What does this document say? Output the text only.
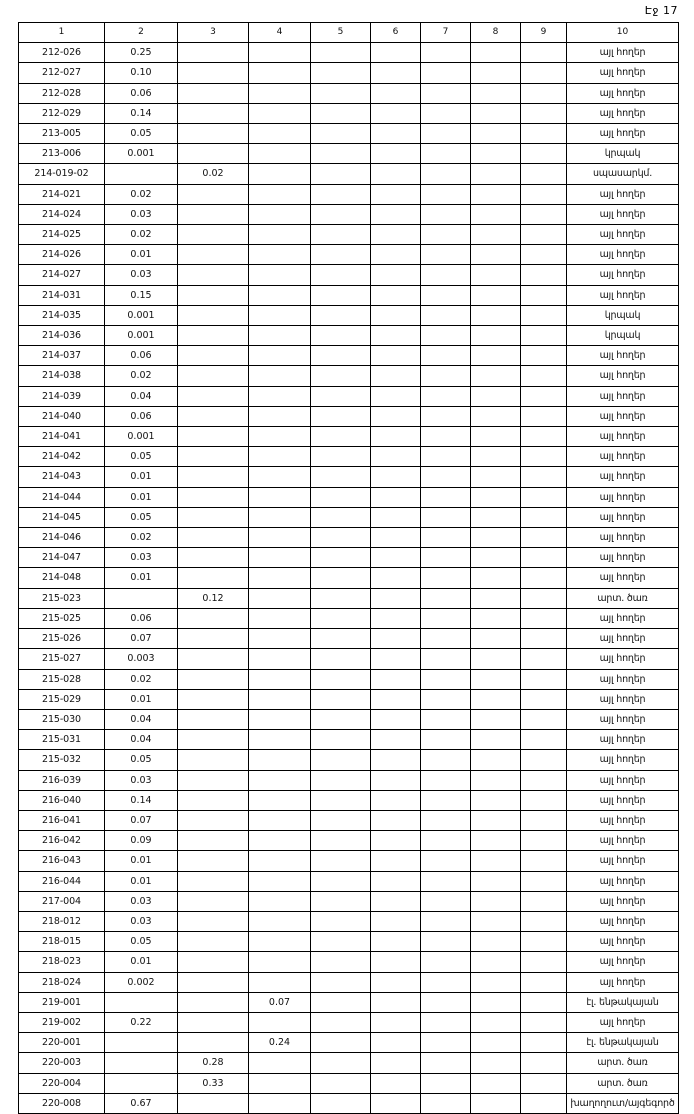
Էջ 17
1	2	3	4	5	6	7	8	9	10
212-026	0.25								այլ հողեր
212-027	0.10								այլ հողեր
212-028	0.06								այլ հողեր
212-029	0.14								այլ հողեր
213-005	0.05								այլ հողեր
213-006	0.001								կրպակ
214-019-02		0.02							սպասարկմ.
214-021	0.02								այլ հողեր
214-024	0.03								այլ հողեր
214-025	0.02								այլ հողեր
214-026	0.01								այլ հողեր
214-027	0.03								այլ հողեր
214-031	0.15								այլ հողեր
214-035	0.001								կրպակ
214-036	0.001								կրպակ
214-037	0.06								այլ հողեր
214-038	0.02								այլ հողեր
214-039	0.04								այլ հողեր
214-040	0.06								այլ հողեր
214-041	0.001								այլ հողեր
214-042	0.05								այլ հողեր
214-043	0.01								այլ հողեր
214-044	0.01								այլ հողեր
214-045	0.05								այլ հողեր
214-046	0.02								այլ հողեր
214-047	0.03								այլ հողեր
214-048	0.01								այլ հողեր
215-023		0.12							արտ. ծառ
215-025	0.06								այլ հողեր
215-026	0.07								այլ հողեր
215-027	0.003								այլ հողեր
215-028	0.02								այլ հողեր
215-029	0.01								այլ հողեր
215-030	0.04								այլ հողեր
215-031	0.04								այլ հողեր
215-032	0.05								այլ հողեր
216-039	0.03								այլ հողեր
216-040	0.14								այլ հողեր
216-041	0.07								այլ հողեր
216-042	0.09								այլ հողեր
216-043	0.01								այլ հողեր
216-044	0.01								այլ հողեր
217-004	0.03								այլ հողեր
218-012	0.03								այլ հողեր
218-015	0.05								այլ հողեր
218-023	0.01								այլ հողեր
218-024	0.002								այլ հողեր
219-001			0.07						էլ. ենթակայան
219-002	0.22								այլ հողեր
220-001			0.24						էլ. ենթակայան
220-003		0.28							արտ. ծառ
220-004		0.33							արտ. ծառ
220-008	0.67								խաղողուտ/այգեգործ
